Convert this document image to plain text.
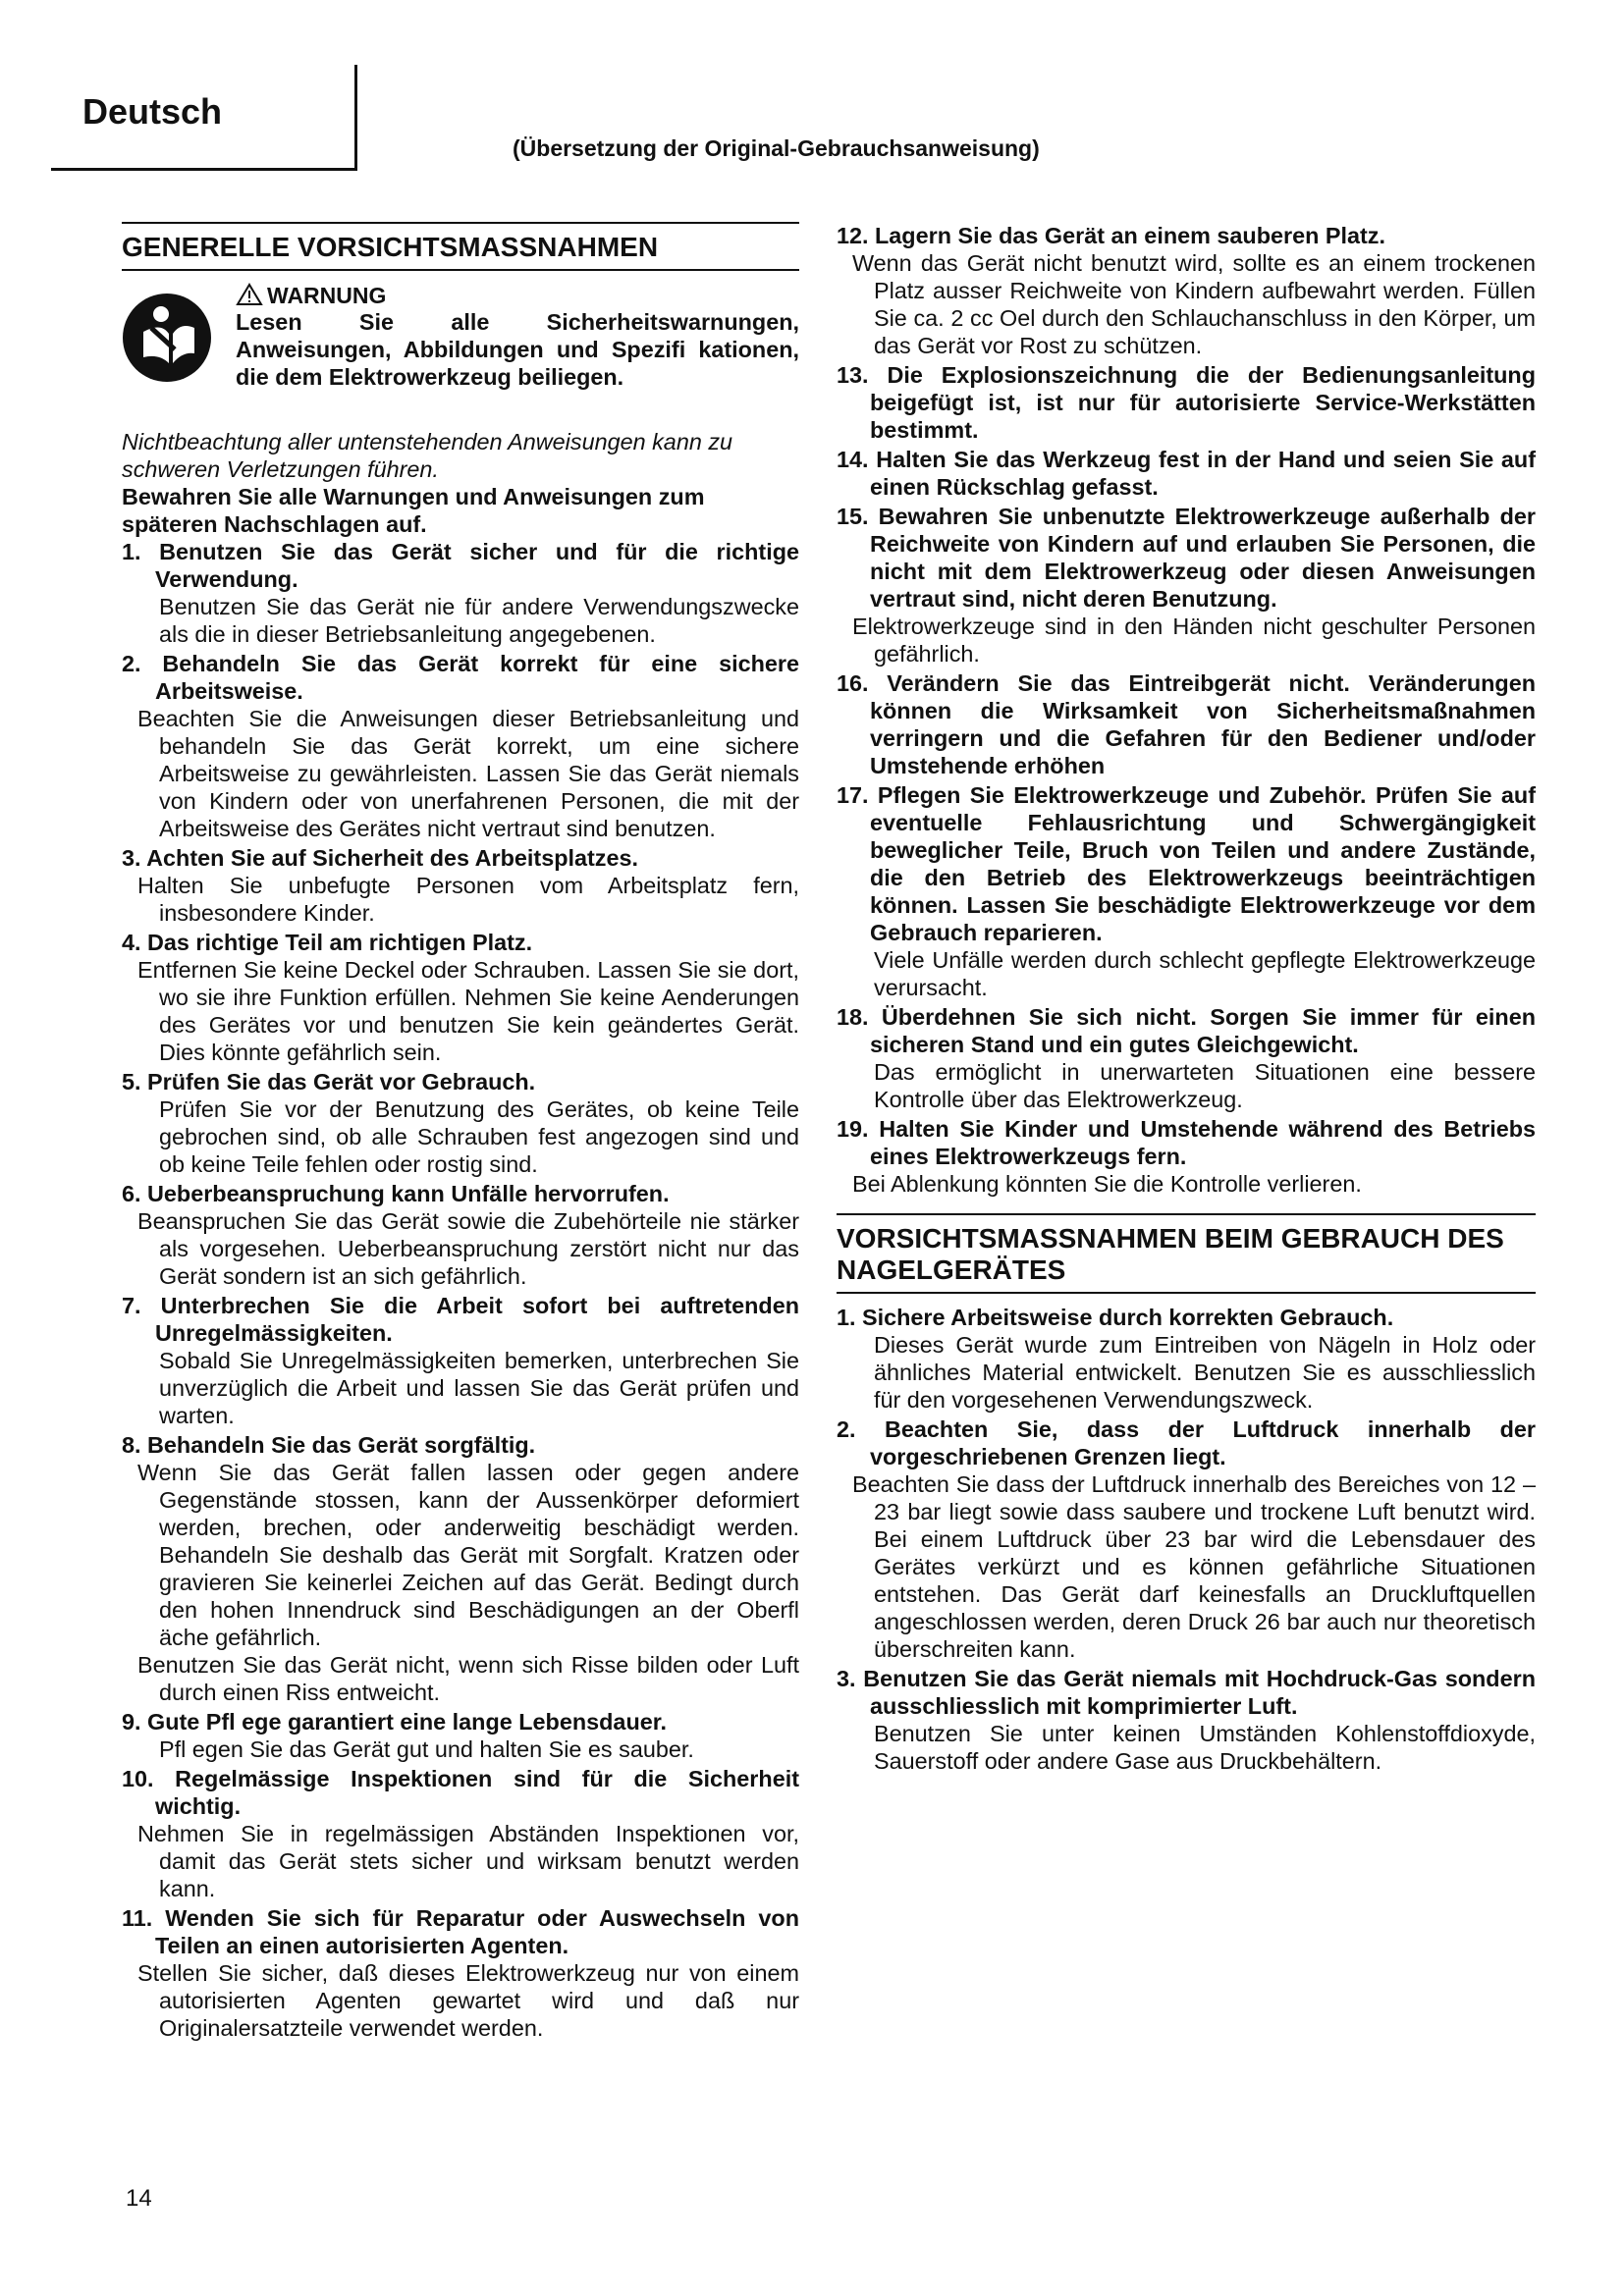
Deutsch
(Übersetzung der Original-Gebrauchsanweisung)
GENERELLE VORSICHTSMASSNAHMEN
WARNUNG
Lesen Sie alle Sicherheitswarnungen, Anweisungen, Abbildungen und Spezifi kationen, die dem Elektrowerkzeug beiliegen.

Nichtbeachtung aller untenstehenden Anweisungen kann zu schweren Verletzungen führen.

Bewahren Sie alle Warnungen und Anweisungen zum späteren Nachschlagen auf.

1. Benutzen Sie das Gerät sicher und für die richtige Verwendung.

Benutzen Sie das Gerät nie für andere Verwendungszwecke als die in dieser Betriebsanleitung angegebenen.

2. Behandeln Sie das Gerät korrekt für eine sichere Arbeitsweise.

Beachten Sie die Anweisungen dieser Betriebsanleitung und behandeln Sie das Gerät korrekt, um eine sichere Arbeitsweise zu gewährleisten. Lassen Sie das Gerät niemals von Kindern oder von unerfahrenen Personen, die mit der Arbeitsweise des Gerätes nicht vertraut sind benutzen.

3. Achten Sie auf Sicherheit des Arbeitsplatzes.

Halten Sie unbefugte Personen vom Arbeitsplatz fern, insbesondere Kinder.

4. Das richtige Teil am richtigen Platz.

Entfernen Sie keine Deckel oder Schrauben. Lassen Sie sie dort, wo sie ihre Funktion erfüllen. Nehmen Sie keine Aenderungen des Gerätes vor und benutzen Sie kein geändertes Gerät. Dies könnte gefährlich sein.

5. Prüfen Sie das Gerät vor Gebrauch.

Prüfen Sie vor der Benutzung des Gerätes, ob keine Teile gebrochen sind, ob alle Schrauben fest angezogen sind und ob keine Teile fehlen oder rostig sind.

6. Ueberbeanspruchung kann Unfälle hervorrufen.

Beanspruchen Sie das Gerät sowie die Zubehörteile nie stärker als vorgesehen. Ueberbeanspruchung zerstört nicht nur das Gerät sondern ist an sich gefährlich.

7. Unterbrechen Sie die Arbeit sofort bei auftretenden Unregelmässigkeiten.

Sobald Sie Unregelmässigkeiten bemerken, unterbrechen Sie unverzüglich die Arbeit und lassen Sie das Gerät prüfen und warten.

8. Behandeln Sie das Gerät sorgfältig.

Wenn Sie das Gerät fallen lassen oder gegen andere Gegenstände stossen, kann der Aussenkörper deformiert werden, brechen, oder anderweitig beschädigt werden. Behandeln Sie deshalb das Gerät mit Sorgfalt. Kratzen oder gravieren Sie keinerlei Zeichen auf das Gerät. Bedingt durch den hohen Innendruck sind Beschädigungen an der Oberfl äche gefährlich.

Benutzen Sie das Gerät nicht, wenn sich Risse bilden oder Luft durch einen Riss entweicht.

9. Gute Pfl ege garantiert eine lange Lebensdauer.

Pfl egen Sie das Gerät gut und halten Sie es sauber.

10. Regelmässige Inspektionen sind für die Sicherheit wichtig.

Nehmen Sie in regelmässigen Abständen Inspektionen vor, damit das Gerät stets sicher und wirksam benutzt werden kann.

11. Wenden Sie sich für Reparatur oder Auswechseln von Teilen an einen autorisierten Agenten.

Stellen Sie sicher, daß dieses Elektrowerkzeug nur von einem autorisierten Agenten gewartet wird und daß nur Originalersatzteile verwendet werden.

12. Lagern Sie das Gerät an einem sauberen Platz.

Wenn das Gerät nicht benutzt wird, sollte es an einem trockenen Platz ausser Reichweite von Kindern aufbewahrt werden. Füllen Sie ca. 2 cc Oel durch den Schlauchanschluss in den Körper, um das Gerät vor Rost zu schützen.

13. Die Explosionszeichnung die der Bedienungsanleitung beigefügt ist, ist nur für autorisierte Service-Werkstätten bestimmt.

14. Halten Sie das Werkzeug fest in der Hand und seien Sie auf einen Rückschlag gefasst.

15. Bewahren Sie unbenutzte Elektrowerkzeuge außerhalb der Reichweite von Kindern auf und erlauben Sie Personen, die nicht mit dem Elektrowerkzeug oder diesen Anweisungen vertraut sind, nicht deren Benutzung.

Elektrowerkzeuge sind in den Händen nicht geschulter Personen gefährlich.

16. Verändern Sie das Eintreibgerät nicht. Veränderungen können die Wirksamkeit von Sicherheitsmaßnahmen verringern und die Gefahren für den Bediener und/oder Umstehende erhöhen

17. Pflegen Sie Elektrowerkzeuge und Zubehör. Prüfen Sie auf eventuelle Fehlausrichtung und Schwergängigkeit beweglicher Teile, Bruch von Teilen und andere Zustände, die den Betrieb des Elektrowerkzeugs beeinträchtigen können. Lassen Sie beschädigte Elektrowerkzeuge vor dem Gebrauch reparieren.

Viele Unfälle werden durch schlecht gepflegte Elektrowerkzeuge verursacht.

18. Überdehnen Sie sich nicht. Sorgen Sie immer für einen sicheren Stand und ein gutes Gleichgewicht.

Das ermöglicht in unerwarteten Situationen eine bessere Kontrolle über das Elektrowerkzeug.

19. Halten Sie Kinder und Umstehende während des Betriebs eines Elektrowerkzeugs fern.

Bei Ablenkung könnten Sie die Kontrolle verlieren.

VORSICHTSMASSNAHMEN BEIM GEBRAUCH DES NAGELGERÄTES

1. Sichere Arbeitsweise durch korrekten Gebrauch.

Dieses Gerät wurde zum Eintreiben von Nägeln in Holz oder ähnliches Material entwickelt. Benutzen Sie es ausschliesslich für den vorgesehenen Verwendungszweck.

2. Beachten Sie, dass der Luftdruck innerhalb der vorgeschriebenen Grenzen liegt.

Beachten Sie dass der Luftdruck innerhalb des Bereiches von 12 – 23 bar liegt sowie dass saubere und trockene Luft benutzt wird. Bei einem Luftdruck über 23 bar wird die Lebensdauer des Gerätes verkürzt und es können gefährliche Situationen entstehen. Das Gerät darf keinesfalls an Druckluftquellen angeschlossen werden, deren Druck 26 bar auch nur theoretisch überschreiten kann.

3. Benutzen Sie das Gerät niemals mit Hochdruck-Gas sondern ausschliesslich mit komprimierter Luft.

Benutzen Sie unter keinen Umständen Kohlenstoffdioxyde, Sauerstoff oder andere Gase aus Druckbehältern.

14
